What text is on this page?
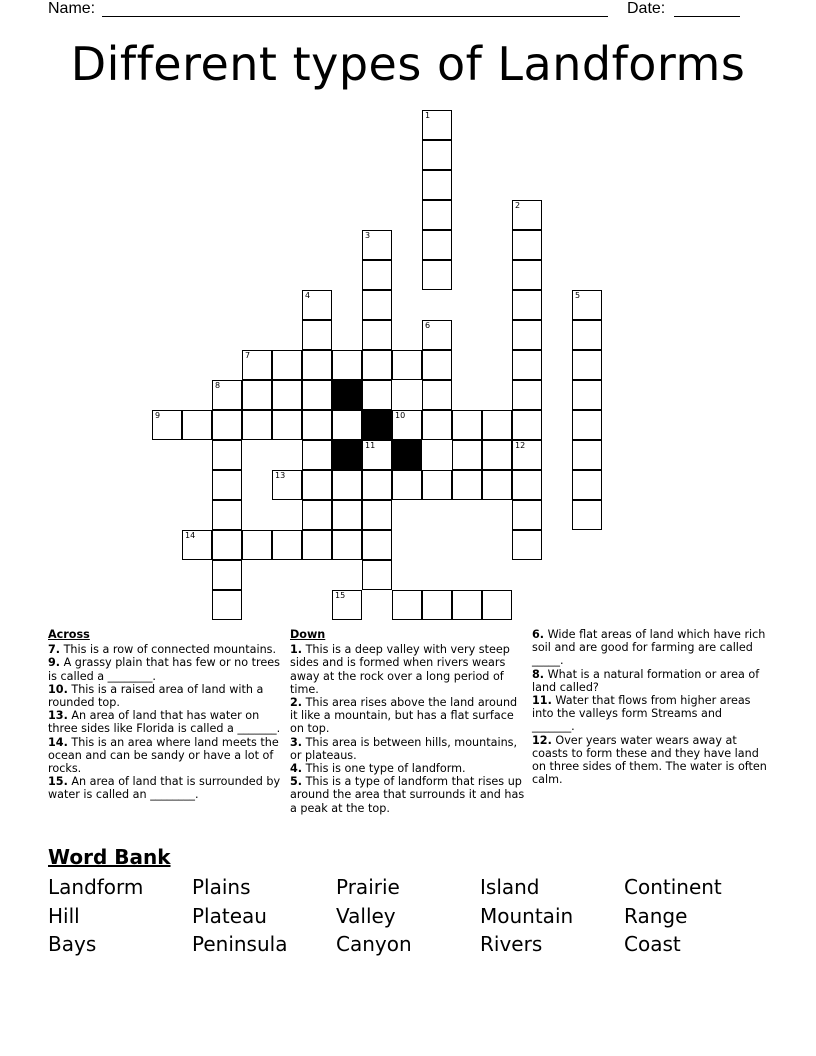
Name:	Date:
Different types of Landforms
1
2
12
3
4	5
6
7
8
9	10
11
13
14
15
Across
7. This is a row of connected mountains.
9. A grassy plain that has few or no trees is called a ________.
10. This is a raised area of land with a rounded top.
13. An area of land that has water on three sides like Florida is called a _______.
14. This is an area where land meets the ocean and can be sandy or have a lot of rocks.
15. An area of land that is surrounded by water is called an ________.
Down
1. This is a deep valley with very steep sides and is formed when rivers wears away at the rock over a long period of time.
2. This area rises above the land around it like a mountain, but has a flat surface on top.
3. This area is between hills, mountains, or plateaus.
4. This is one type of landform.
5. This is a type of landform that rises up around the area that surrounds it and has a peak at the top.
6. Wide flat areas of land which have rich soil and are good for farming are called _____.
8. What is a natural formation or area of land called?
11. Water that flows from higher areas into the valleys form Streams and _______.
12. Over years water wears away at coasts to form these and they have land on three sides of them. The water is often calm.
Word Bank
Landform	Plains	Prairie	Island	Continent
Hill	Plateau	Valley	Mountain	Range
Bays	Peninsula	Canyon	Rivers	Coast
